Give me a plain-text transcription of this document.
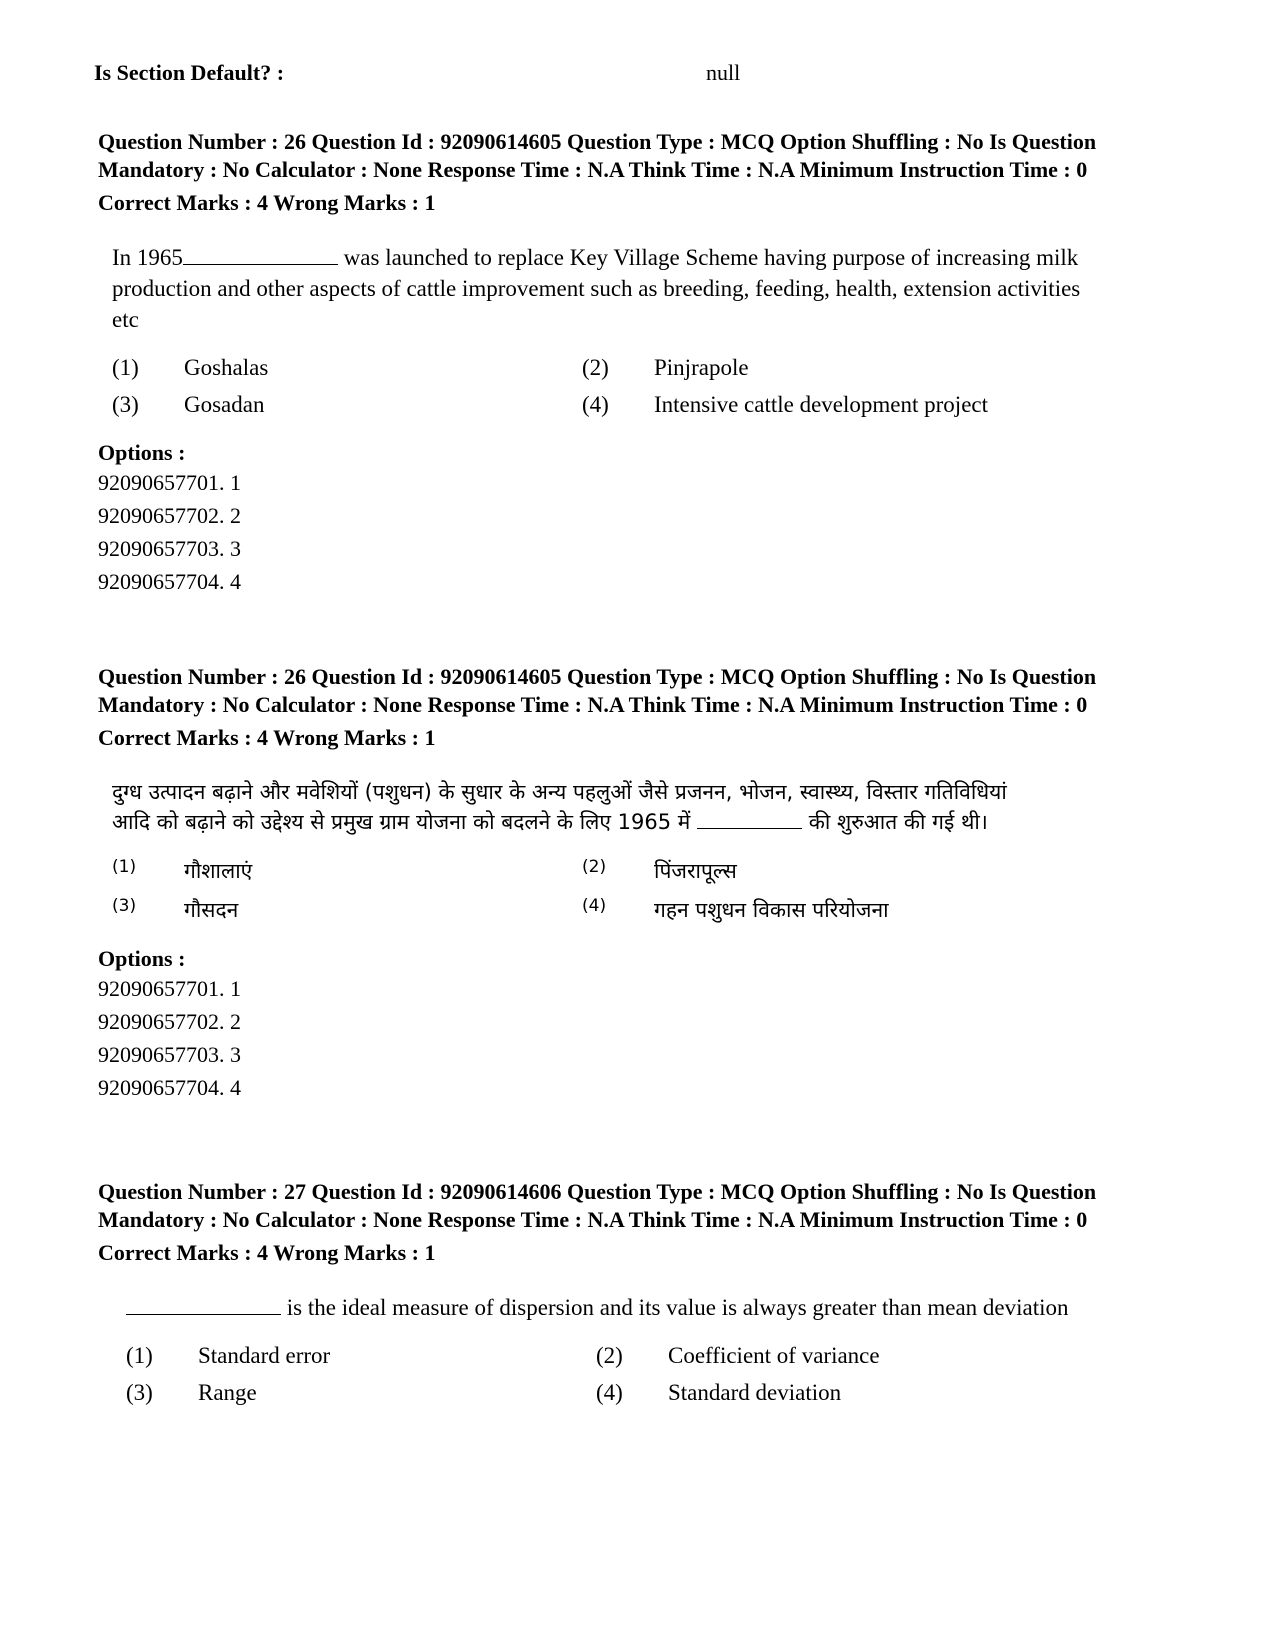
Is Section Default? :	null
Question Number : 26 Question Id : 92090614605 Question Type : MCQ Option Shuffling : No Is Question Mandatory : No Calculator : None Response Time : N.A Think Time : N.A Minimum Instruction Time : 0
Correct Marks : 4 Wrong Marks : 1
In 1965	was launched to replace Key Village Scheme having purpose of increasing milk production and other aspects of cattle improvement such as breeding, feeding, health, extension activities etc
(1)	Goshalas	(2)	Pinjrapole
(3)	Gosadan	(4)	Intensive cattle development project
Options :
92090657701. 1
92090657702. 2
92090657703. 3
92090657704. 4
Question Number : 26 Question Id : 92090614605 Question Type : MCQ Option Shuffling : No Is Question Mandatory : No Calculator : None Response Time : N.A Think Time : N.A Minimum Instruction Time : 0
Correct Marks : 4 Wrong Marks : 1
दुग्ध उत्पादन बढ़ाने और मवेशियों (पशुधन) के सुधार के अन्य पहलुओं जैसे प्रजनन, भोजन, स्वास्थ्य, विस्तार गतिविधियां आदि को बढ़ाने को उद्देश्य से प्रमुख ग्राम योजना को बदलने के लिए 1965 में	की शुरुआत की गई थी।
(1)	गौशालाएं	(2)	पिंजरापूल्स
(3)	गौसदन	(4)	गहन पशुधन विकास परियोजना
Options :
92090657701. 1
92090657702. 2
92090657703. 3
92090657704. 4
Question Number : 27 Question Id : 92090614606 Question Type : MCQ Option Shuffling : No Is Question Mandatory : No Calculator : None Response Time : N.A Think Time : N.A Minimum Instruction Time : 0
Correct Marks : 4 Wrong Marks : 1
is the ideal measure of dispersion and its value is always greater than mean deviation
(1)	Standard error	(2)	Coefficient of variance
(3)	Range	(4)	Standard deviation
